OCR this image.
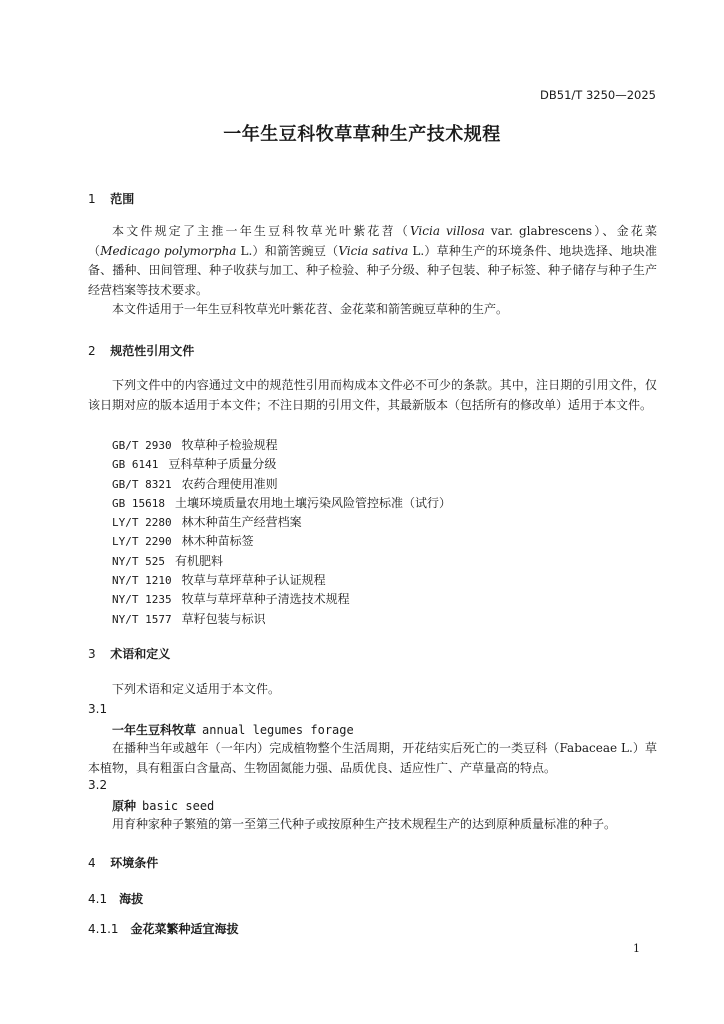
DB51/T 3250—2025
一年生豆科牧草草种生产技术规程
1 范围
本文件规定了主推一年生豆科牧草光叶紫花苕（Vicia villosa var. glabrescens）、金花菜（Medicago polymorpha L.）和箭筈豌豆（Vicia sativa L.）草种生产的环境条件、地块选择、地块准备、播种、田间管理、种子收获与加工、种子检验、种子分级、种子包装、种子标签、种子储存与种子生产经营档案等技术要求。
本文件适用于一年生豆科牧草光叶紫花苕、金花菜和箭筈豌豆草种的生产。
2 规范性引用文件
下列文件中的内容通过文中的规范性引用而构成本文件必不可少的条款。其中，注日期的引用文件，仅该日期对应的版本适用于本文件；不注日期的引用文件，其最新版本（包括所有的修改单）适用于本文件。
GB/T 2930 牧草种子检验规程
GB 6141 豆科草种子质量分级
GB/T 8321 农药合理使用准则
GB 15618 土壤环境质量农用地土壤污染风险管控标准（试行）
LY/T 2280 林木种苗生产经营档案
LY/T 2290 林木种苗标签
NY/T 525 有机肥料
NY/T 1210 牧草与草坪草种子认证规程
NY/T 1235 牧草与草坪草种子清选技术规程
NY/T 1577 草籽包装与标识
3 术语和定义
下列术语和定义适用于本文件。
3.1
一年生豆科牧草 annual legumes forage
在播种当年或越年（一年内）完成植物整个生活周期，开花结实后死亡的一类豆科（Fabaceae L.）草本植物，具有粗蛋白含量高、生物固氮能力强、品质优良、适应性广、产草量高的特点。
3.2
原种 basic seed
用育种家种子繁殖的第一至第三代种子或按原种生产技术规程生产的达到原种质量标准的种子。
4 环境条件
4.1 海拔
4.1.1 金花菜繁种适宜海拔
1
